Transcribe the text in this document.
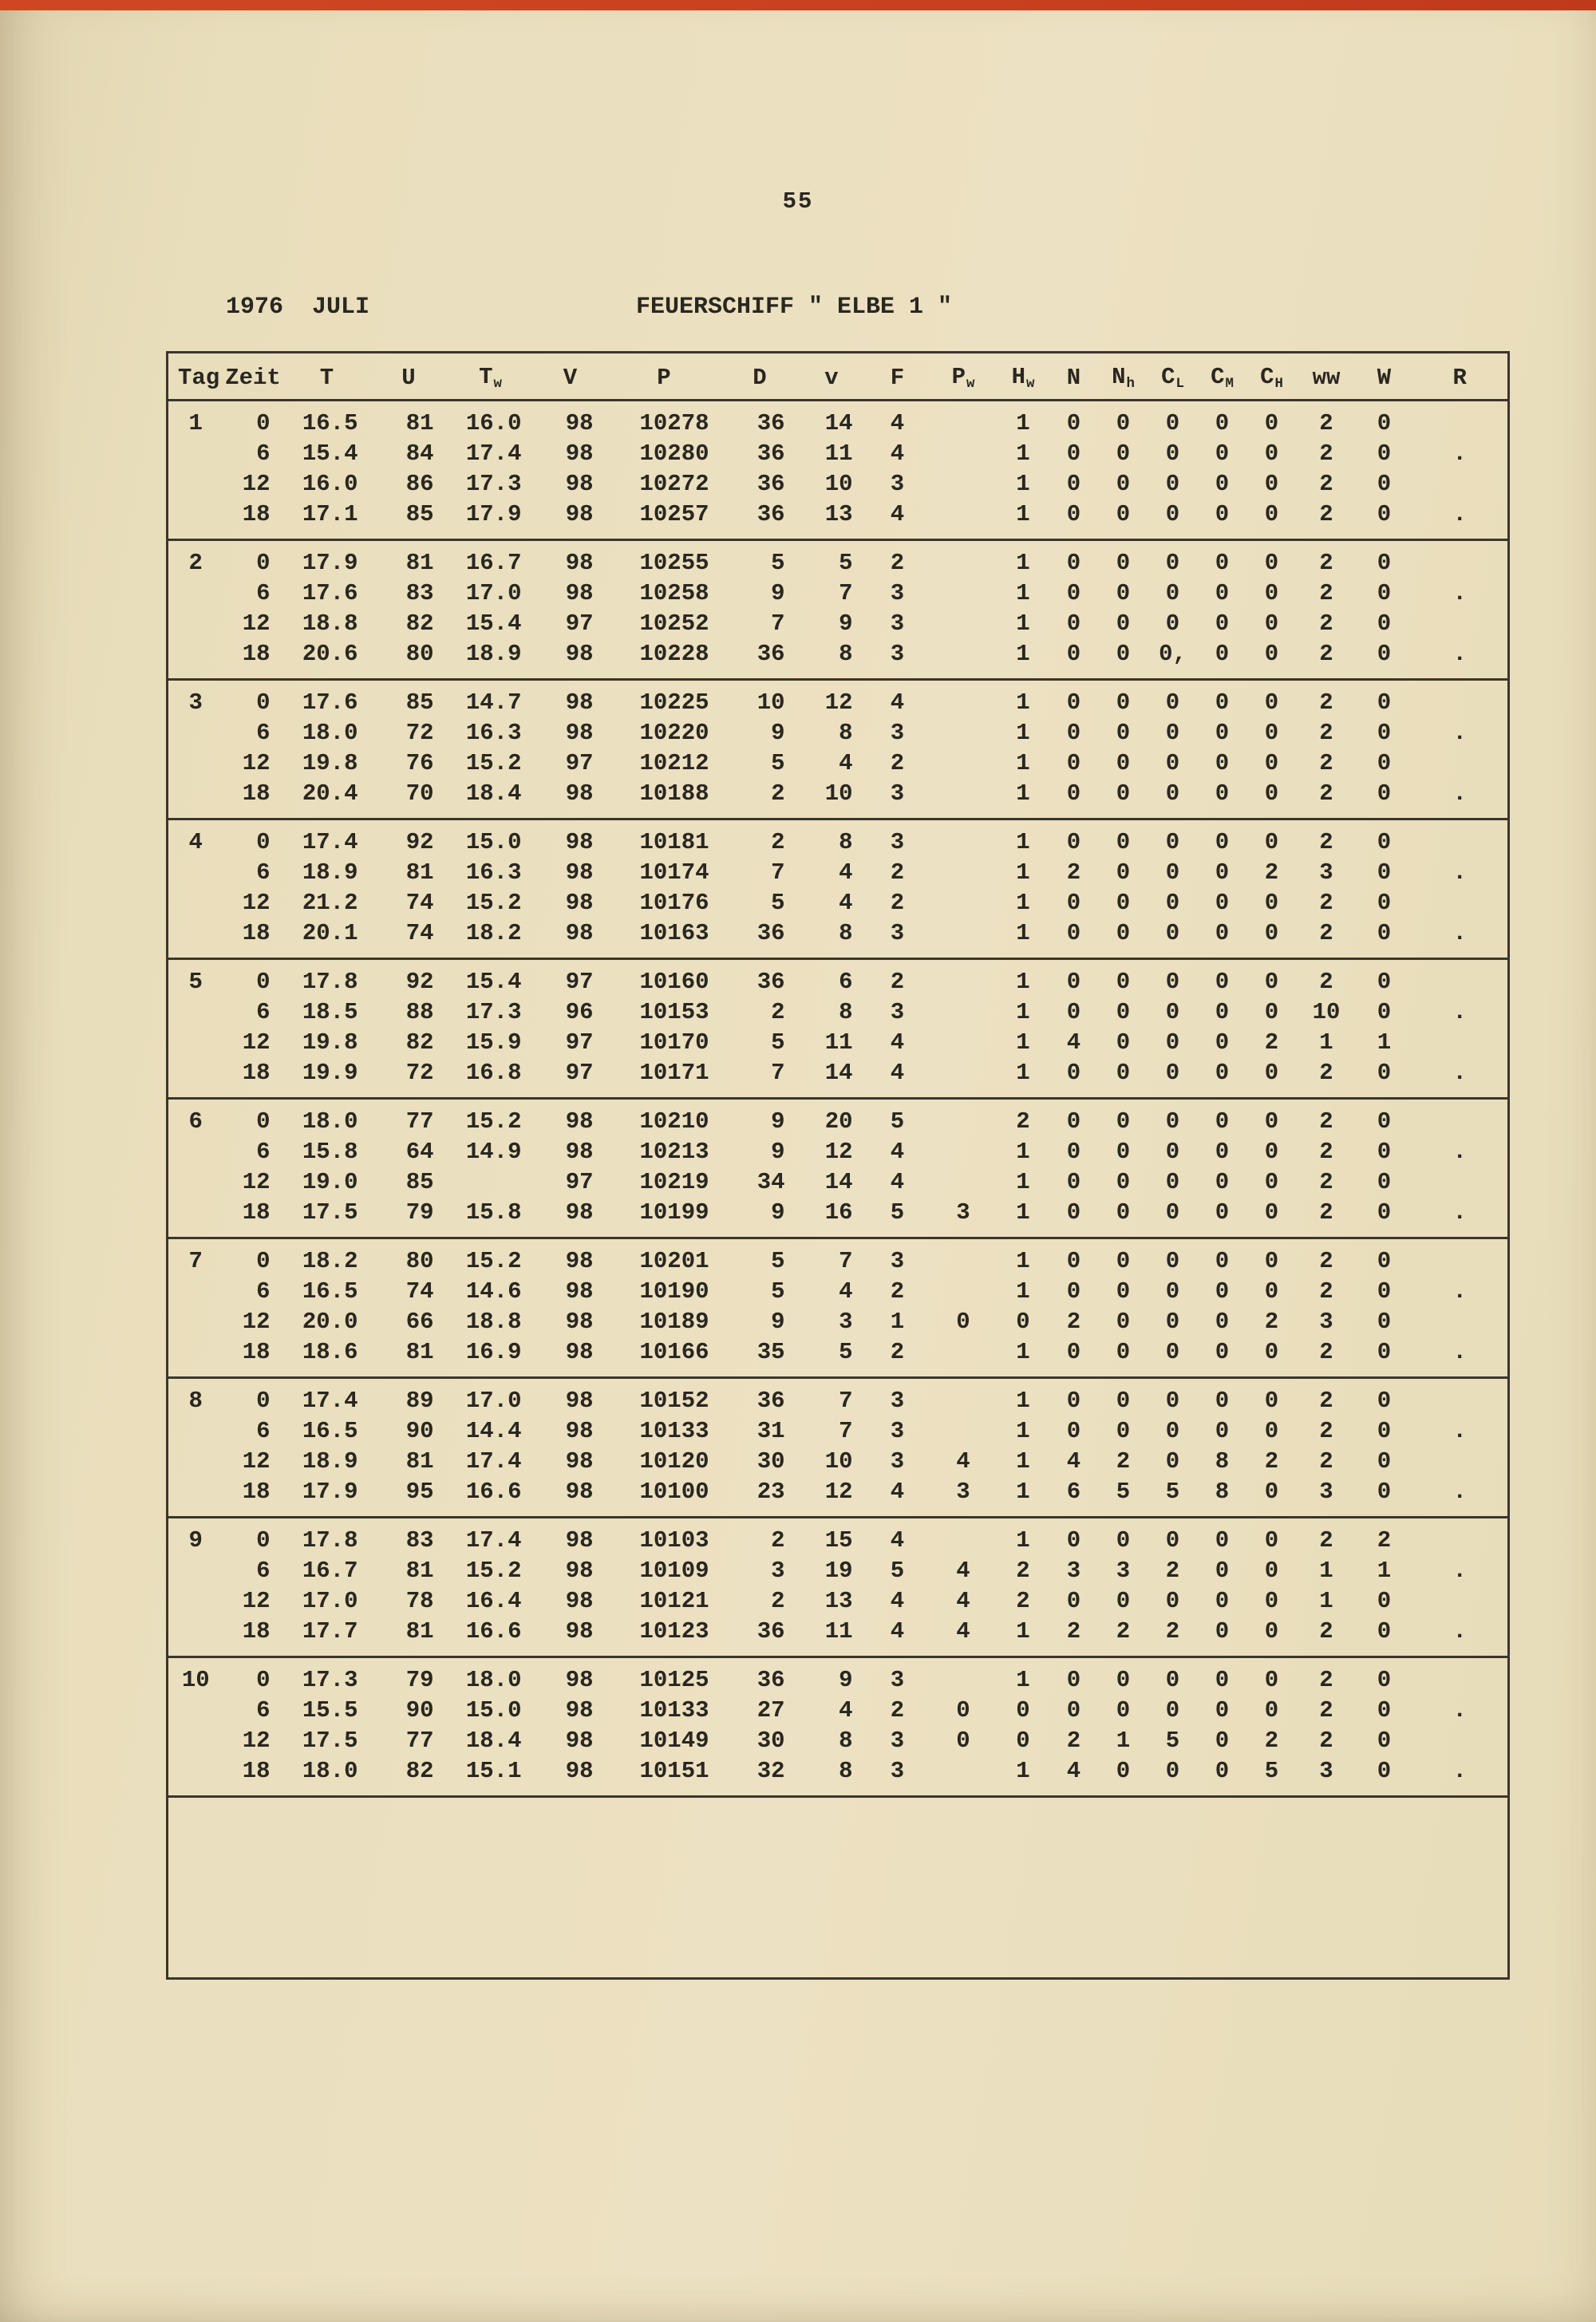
55
1976  JULI	FEUERSCHIFF " ELBE 1 "
Tag	Zeit	T	U	$T_w$	V	P	D	v	F	$P_w$	$H_w$	N	$N_h$	$C_L$	$C_M$	$C_H$	ww	W	R
1	0	16.5	81	16.0	98	10278	36	14	4		1	0	0	0	0	0	2	0	
	6	15.4	84	17.4	98	10280	36	11	4		1	0	0	0	0	0	2	0	.
	12	16.0	86	17.3	98	10272	36	10	3		1	0	0	0	0	0	2	0	
	18	17.1	85	17.9	98	10257	36	13	4		1	0	0	0	0	0	2	0	.
2	0	17.9	81	16.7	98	10255	5	5	2		1	0	0	0	0	0	2	0	
	6	17.6	83	17.0	98	10258	9	7	3		1	0	0	0	0	0	2	0	.
	12	18.8	82	15.4	97	10252	7	9	3		1	0	0	0	0	0	2	0	
	18	20.6	80	18.9	98	10228	36	8	3		1	0	0	0,	0	0	2	0	.
3	0	17.6	85	14.7	98	10225	10	12	4		1	0	0	0	0	0	2	0	
	6	18.0	72	16.3	98	10220	9	8	3		1	0	0	0	0	0	2	0	.
	12	19.8	76	15.2	97	10212	5	4	2		1	0	0	0	0	0	2	0	
	18	20.4	70	18.4	98	10188	2	10	3		1	0	0	0	0	0	2	0	.
4	0	17.4	92	15.0	98	10181	2	8	3		1	0	0	0	0	0	2	0	
	6	18.9	81	16.3	98	10174	7	4	2		1	2	0	0	0	2	3	0	.
	12	21.2	74	15.2	98	10176	5	4	2		1	0	0	0	0	0	2	0	
	18	20.1	74	18.2	98	10163	36	8	3		1	0	0	0	0	0	2	0	.
5	0	17.8	92	15.4	97	10160	36	6	2		1	0	0	0	0	0	2	0	
	6	18.5	88	17.3	96	10153	2	8	3		1	0	0	0	0	0	10	0	.
	12	19.8	82	15.9	97	10170	5	11	4		1	4	0	0	0	2	1	1	
	18	19.9	72	16.8	97	10171	7	14	4		1	0	0	0	0	0	2	0	.
6	0	18.0	77	15.2	98	10210	9	20	5		2	0	0	0	0	0	2	0	
	6	15.8	64	14.9	98	10213	9	12	4		1	0	0	0	0	0	2	0	.
	12	19.0	85		97	10219	34	14	4		1	0	0	0	0	0	2	0	
	18	17.5	79	15.8	98	10199	9	16	5	3	1	0	0	0	0	0	2	0	.
7	0	18.2	80	15.2	98	10201	5	7	3		1	0	0	0	0	0	2	0	
	6	16.5	74	14.6	98	10190	5	4	2		1	0	0	0	0	0	2	0	.
	12	20.0	66	18.8	98	10189	9	3	1	0	0	2	0	0	0	2	3	0	
	18	18.6	81	16.9	98	10166	35	5	2		1	0	0	0	0	0	2	0	.
8	0	17.4	89	17.0	98	10152	36	7	3		1	0	0	0	0	0	2	0	
	6	16.5	90	14.4	98	10133	31	7	3		1	0	0	0	0	0	2	0	.
	12	18.9	81	17.4	98	10120	30	10	3	4	1	4	2	0	8	2	2	0	
	18	17.9	95	16.6	98	10100	23	12	4	3	1	6	5	5	8	0	3	0	.
9	0	17.8	83	17.4	98	10103	2	15	4		1	0	0	0	0	0	2	2	
	6	16.7	81	15.2	98	10109	3	19	5	4	2	3	3	2	0	0	1	1	.
	12	17.0	78	16.4	98	10121	2	13	4	4	2	0	0	0	0	0	1	0	
	18	17.7	81	16.6	98	10123	36	11	4	4	1	2	2	2	0	0	2	0	.
10	0	17.3	79	18.0	98	10125	36	9	3		1	0	0	0	0	0	2	0	
	6	15.5	90	15.0	98	10133	27	4	2	0	0	0	0	0	0	0	2	0	.
	12	17.5	77	18.4	98	10149	30	8	3	0	0	2	1	5	0	2	2	0	
	18	18.0	82	15.1	98	10151	32	8	3		1	4	0	0	0	5	3	0	.
